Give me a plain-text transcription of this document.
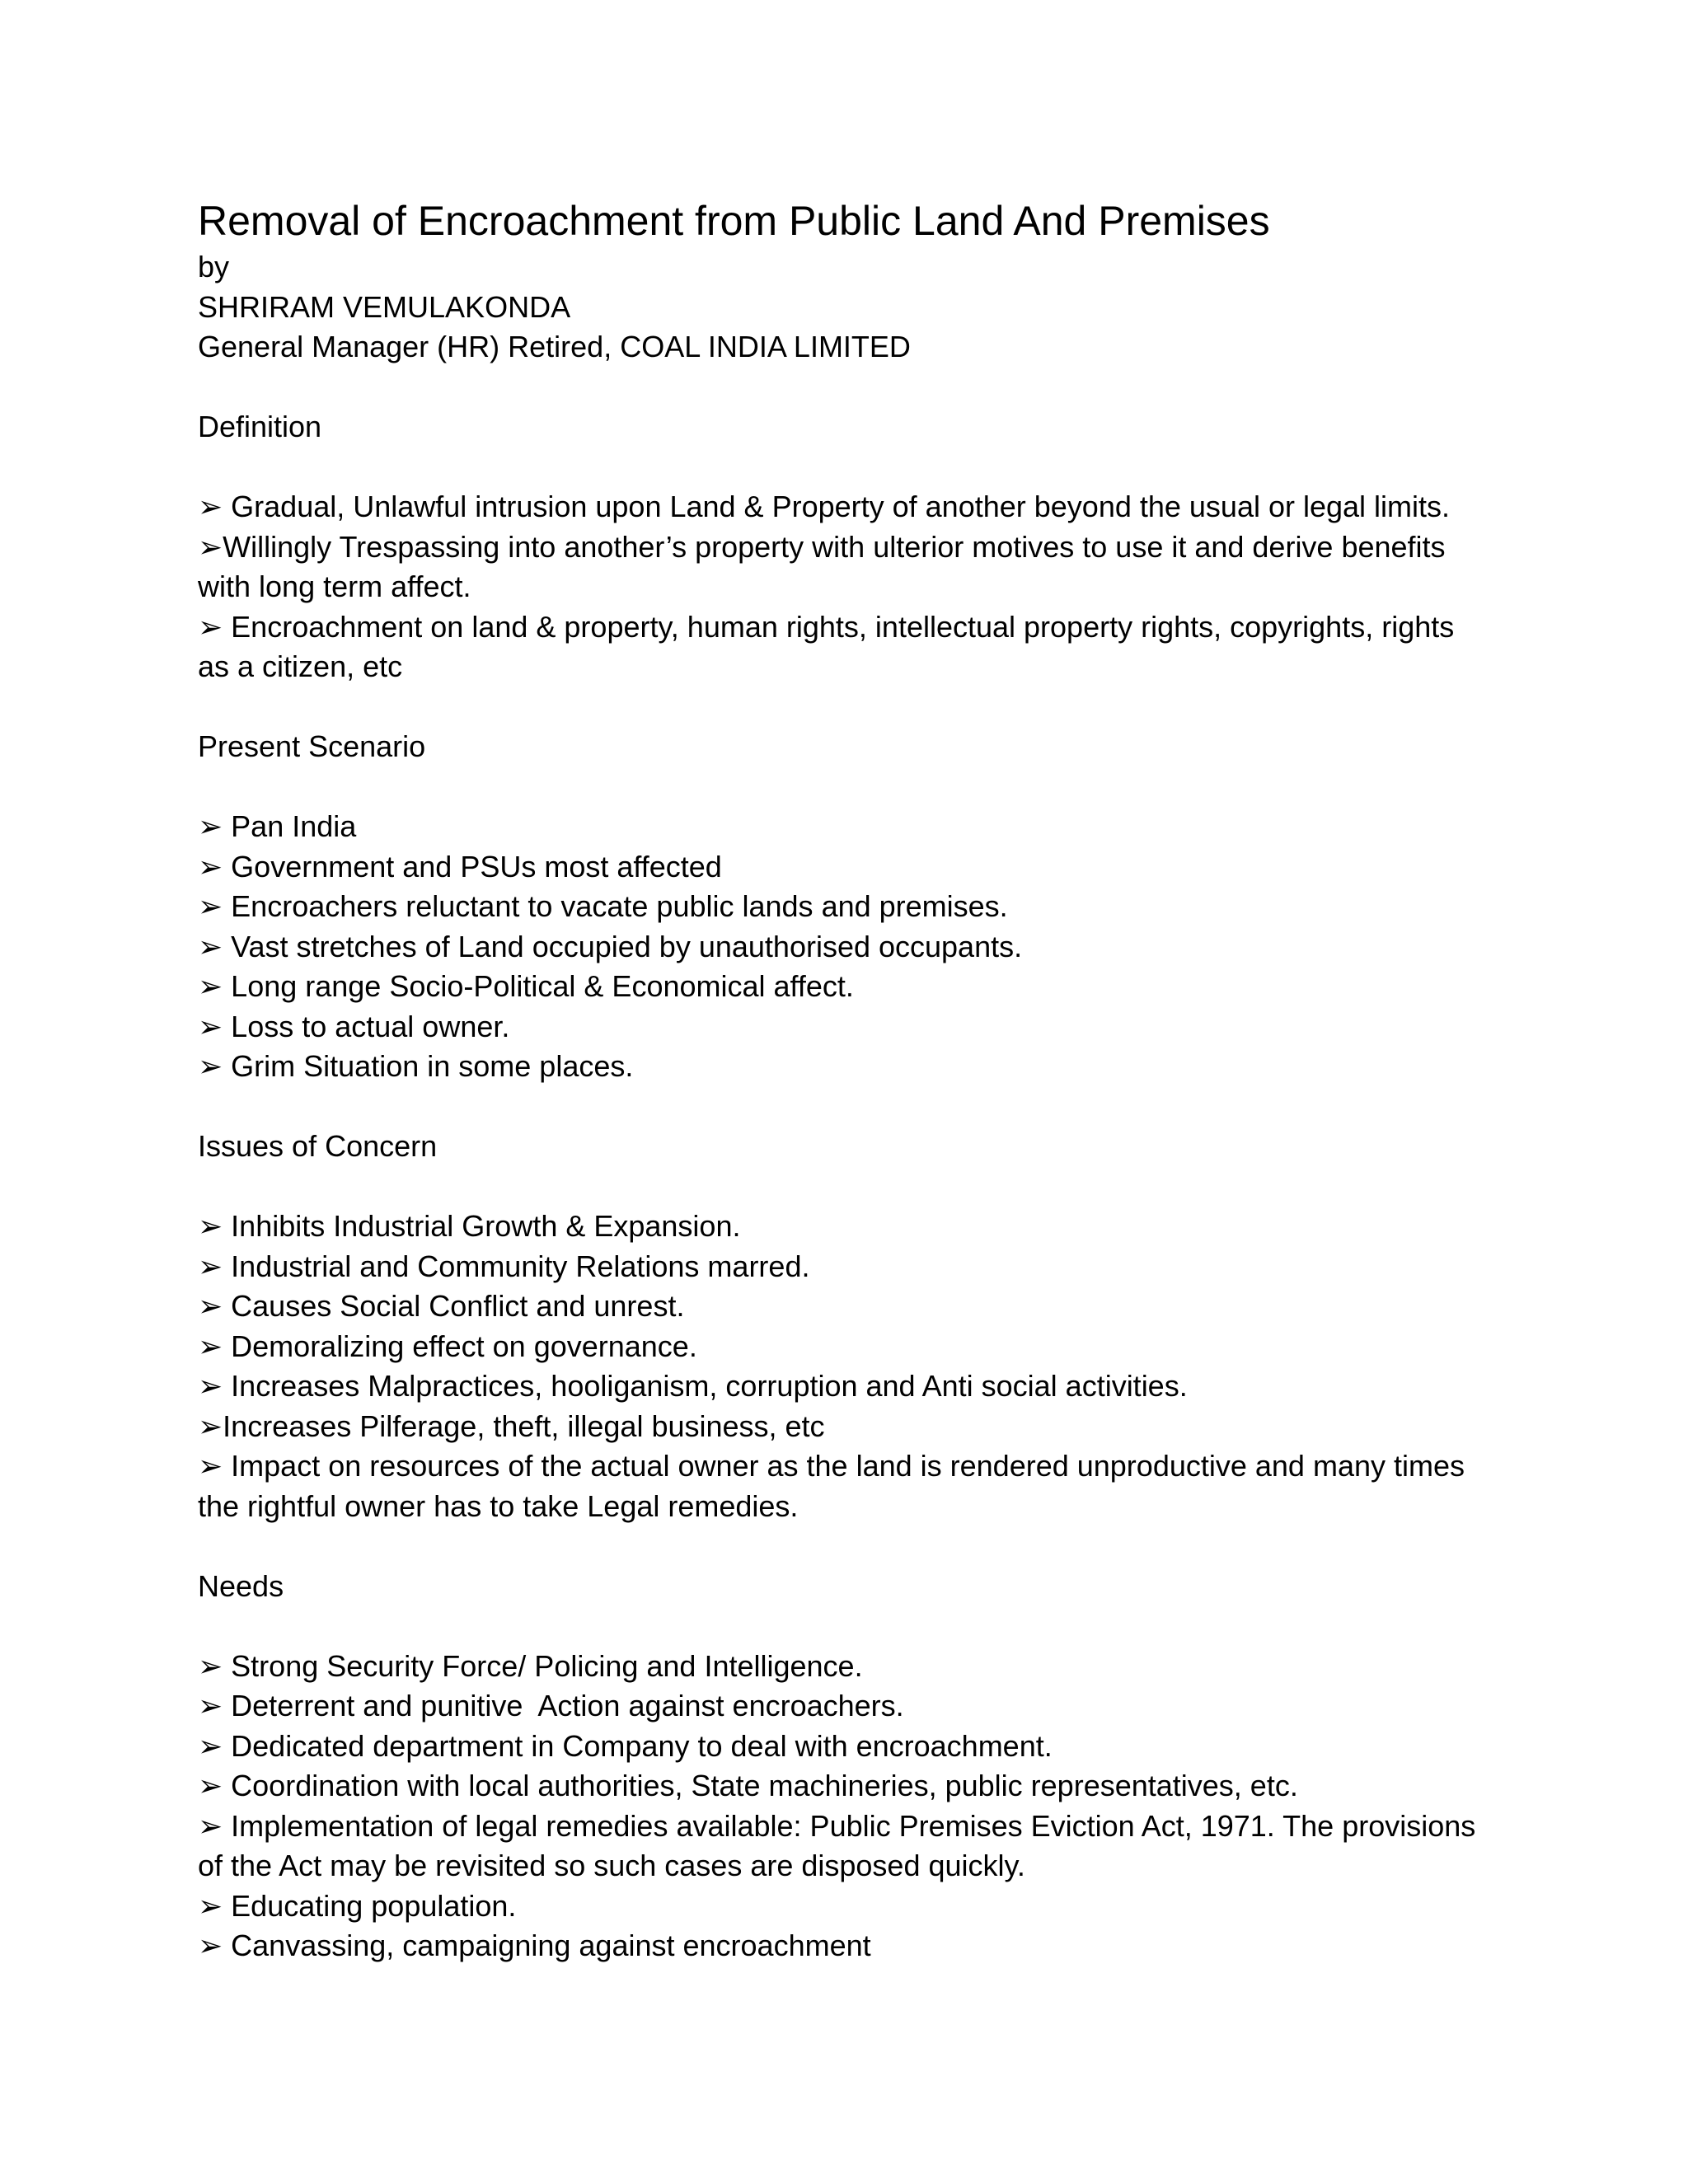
Removal of Encroachment from Public Land And Premises
by
SHRIRAM VEMULAKONDA
General Manager (HR) Retired, COAL INDIA LIMITED
Definition
➢ Gradual, Unlawful intrusion upon Land & Property of another beyond the usual or legal limits.
➢Willingly Trespassing into another’s property with ulterior motives to use it and derive benefits with long term affect.
➢ Encroachment on land & property, human rights, intellectual property rights, copyrights, rights as a citizen, etc
Present Scenario
➢ Pan India
➢ Government and PSUs most affected
➢ Encroachers reluctant to vacate public lands and premises.
➢ Vast stretches of Land occupied by unauthorised occupants.
➢ Long range Socio-Political & Economical affect.
➢ Loss to actual owner.
➢ Grim Situation in some places.
Issues of Concern
➢ Inhibits Industrial Growth & Expansion.
➢ Industrial and Community Relations marred.
➢ Causes Social Conflict and unrest.
➢ Demoralizing effect on governance.
➢ Increases Malpractices, hooliganism, corruption and Anti social activities.
➢Increases Pilferage, theft, illegal business, etc
➢ Impact on resources of the actual owner as the land is rendered unproductive and many times the rightful owner has to take Legal remedies.
Needs
➢ Strong Security Force/ Policing and Intelligence.
➢ Deterrent and punitive  Action against encroachers.
➢ Dedicated department in Company to deal with encroachment.
➢ Coordination with local authorities, State machineries, public representatives, etc.
➢ Implementation of legal remedies available: Public Premises Eviction Act, 1971. The provisions of the Act may be revisited so such cases are disposed quickly.
➢ Educating population.
➢ Canvassing, campaigning against encroachment
